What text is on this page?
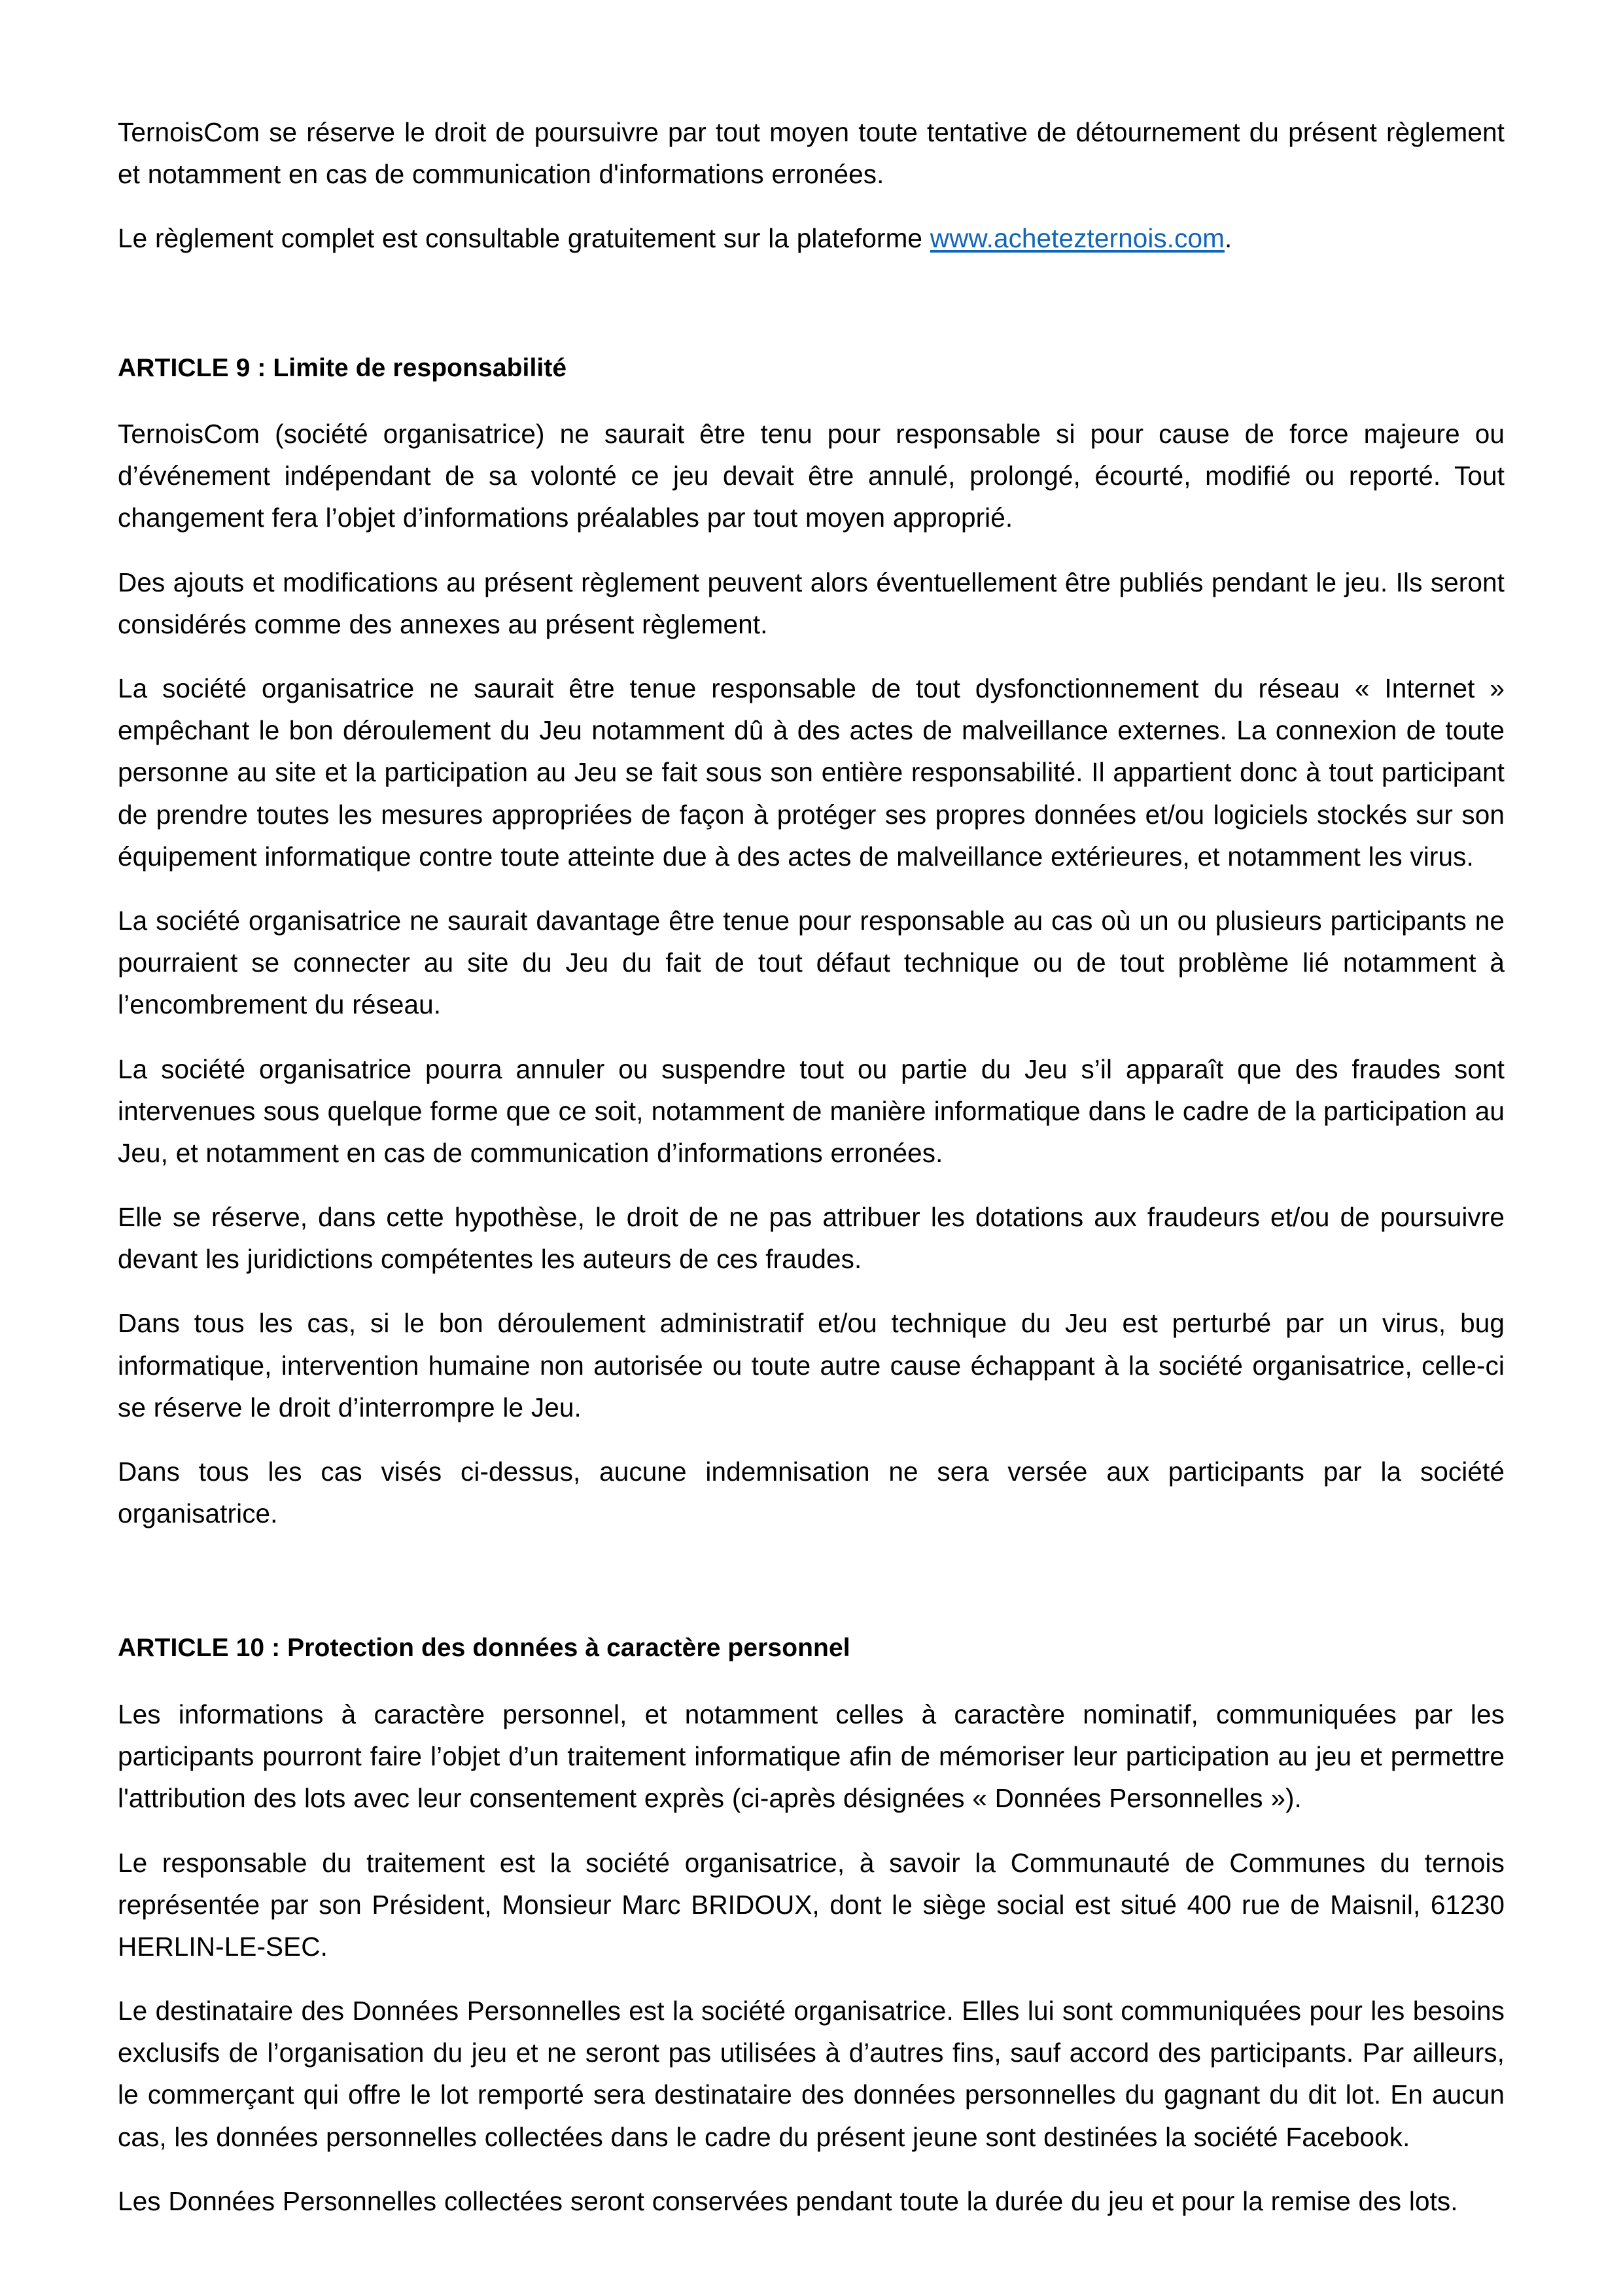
TernoisCom se réserve le droit de poursuivre par tout moyen toute tentative de détournement du présent règlement et notamment en cas de communication d'informations erronées.

Le règlement complet est consultable gratuitement sur la plateforme www.achetezternois.com.

ARTICLE 9 : Limite de responsabilité

TernoisCom (société organisatrice) ne saurait être tenu pour responsable si pour cause de force majeure ou d’événement indépendant de sa volonté ce jeu devait être annulé, prolongé, écourté, modifié ou reporté. Tout changement fera l’objet d’informations préalables par tout moyen approprié.

Des ajouts et modifications au présent règlement peuvent alors éventuellement être publiés pendant le jeu. Ils seront considérés comme des annexes au présent règlement.

La société organisatrice ne saurait être tenue responsable de tout dysfonctionnement du réseau « Internet » empêchant le bon déroulement du Jeu notamment dû à des actes de malveillance externes. La connexion de toute personne au site et la participation au Jeu se fait sous son entière responsabilité. Il appartient donc à tout participant de prendre toutes les mesures appropriées de façon à protéger ses propres données et/ou logiciels stockés sur son équipement informatique contre toute atteinte due à des actes de malveillance extérieures, et notamment les virus.

La société organisatrice ne saurait davantage être tenue pour responsable au cas où un ou plusieurs participants ne pourraient se connecter au site du Jeu du fait de tout défaut technique ou de tout problème lié notamment à l’encombrement du réseau.

La société organisatrice pourra annuler ou suspendre tout ou partie du Jeu s’il apparaît que des fraudes sont intervenues sous quelque forme que ce soit, notamment de manière informatique dans le cadre de la participation au Jeu, et notamment en cas de communication d’informations erronées.

Elle se réserve, dans cette hypothèse, le droit de ne pas attribuer les dotations aux fraudeurs et/ou de poursuivre devant les juridictions compétentes les auteurs de ces fraudes.

Dans tous les cas, si le bon déroulement administratif et/ou technique du Jeu est perturbé par un virus, bug informatique, intervention humaine non autorisée ou toute autre cause échappant à la société organisatrice, celle-ci se réserve le droit d’interrompre le Jeu.

Dans tous les cas visés ci-dessus, aucune indemnisation ne sera versée aux participants par la société organisatrice.

ARTICLE 10 : Protection des données à caractère personnel

Les informations à caractère personnel, et notamment celles à caractère nominatif, communiquées par les participants pourront faire l’objet d’un traitement informatique afin de mémoriser leur participation au jeu et permettre l'attribution des lots avec leur consentement exprès (ci-après désignées « Données Personnelles »).

Le responsable du traitement est la société organisatrice, à savoir la Communauté de Communes du ternois représentée par son Président, Monsieur Marc BRIDOUX, dont le siège social est situé 400 rue de Maisnil, 61230 HERLIN-LE-SEC.

Le destinataire des Données Personnelles est la société organisatrice. Elles lui sont communiquées pour les besoins exclusifs de l’organisation du jeu et ne seront pas utilisées à d’autres fins, sauf accord des participants. Par ailleurs, le commerçant qui offre le lot remporté sera destinataire des données personnelles du gagnant du dit lot. En aucun cas, les données personnelles collectées dans le cadre du présent jeune sont destinées la société Facebook.

Les Données Personnelles collectées seront conservées pendant toute la durée du jeu et pour la remise des lots.
